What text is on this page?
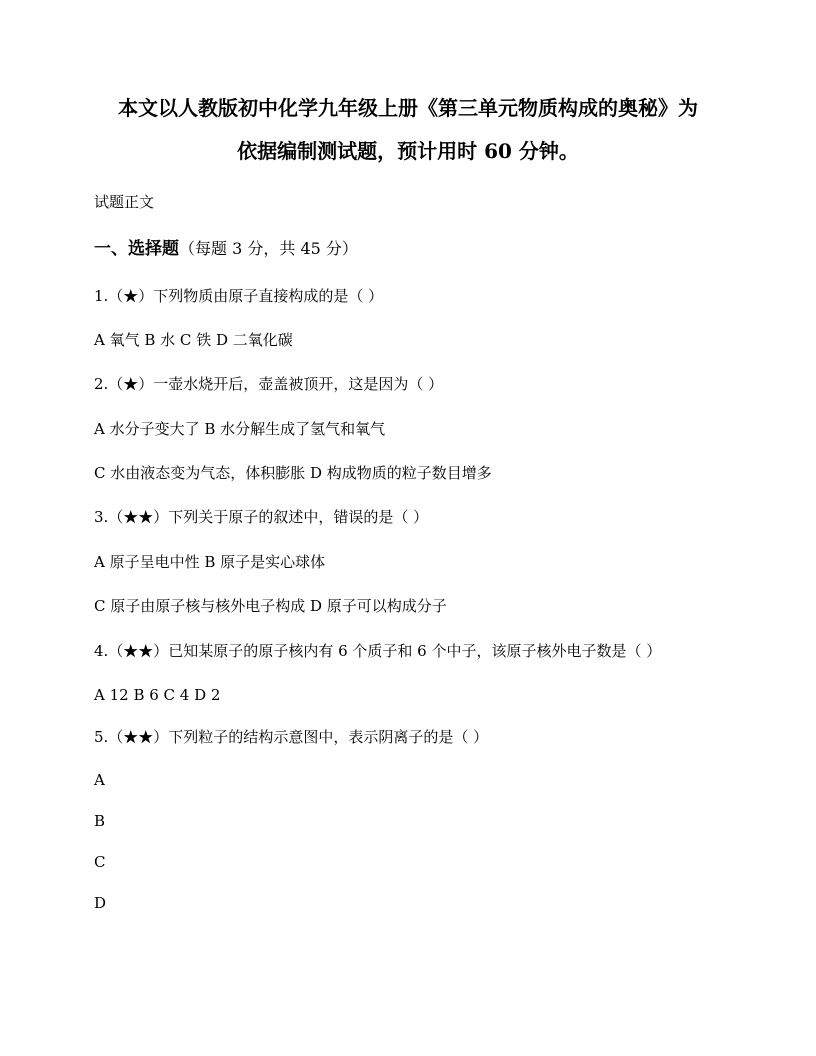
本文以人教版初中化学九年级上册《第三单元物质构成的奥秘》为
依据编制测试题，预计用时 60 分钟。
试题正文
一、选择题（每题 3 分，共 45 分）
1.（★）下列物质由原子直接构成的是（ ）
A 氧气 B 水 C 铁 D 二氧化碳
2.（★）一壶水烧开后，壶盖被顶开，这是因为（ ）
A 水分子变大了 B 水分解生成了氢气和氧气
C 水由液态变为气态，体积膨胀 D 构成物质的粒子数目增多
3.（★★）下列关于原子的叙述中，错误的是（ ）
A 原子呈电中性 B 原子是实心球体
C 原子由原子核与核外电子构成 D 原子可以构成分子
4.（★★）已知某原子的原子核内有 6 个质子和 6 个中子，该原子核外电子数是（ ）
A 12 B 6 C 4 D 2
5.（★★）下列粒子的结构示意图中，表示阴离子的是（ ）
A
B
C
D
